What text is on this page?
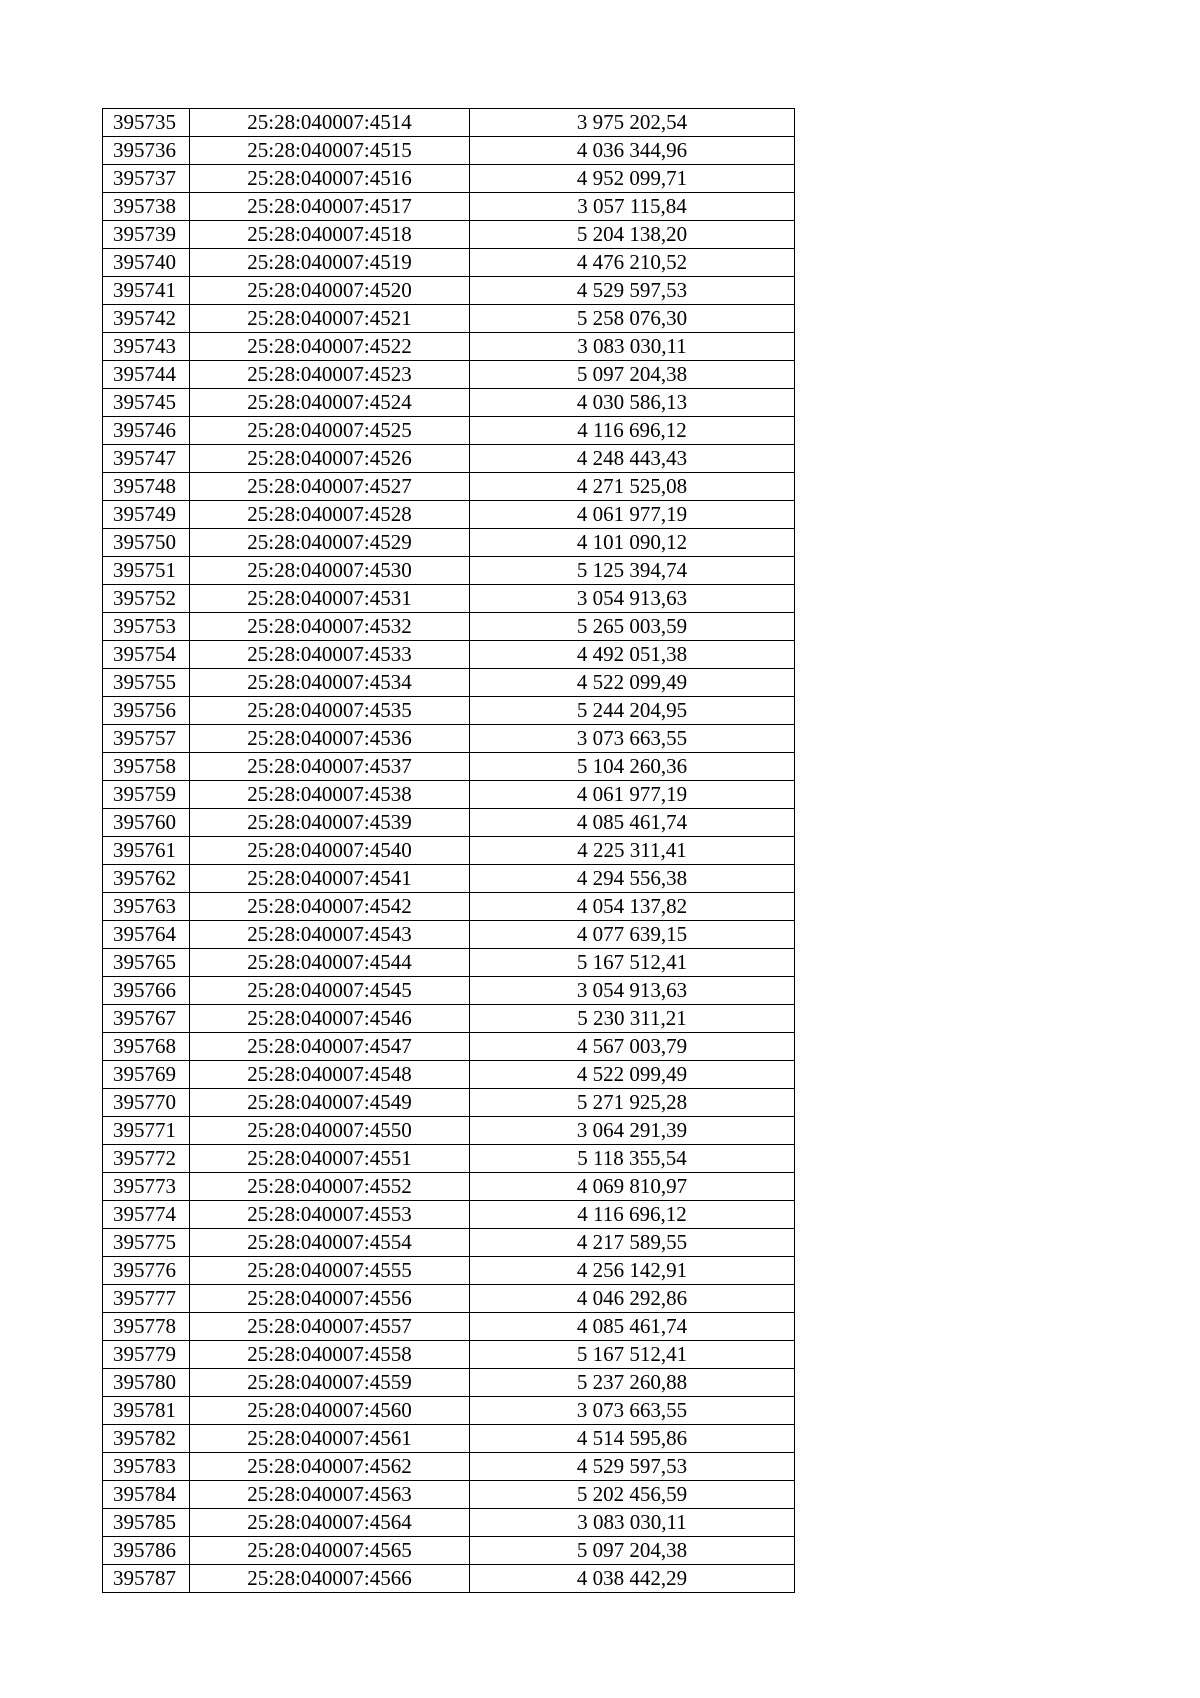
395735	25:28:040007:4514	3 975 202,54
395736	25:28:040007:4515	4 036 344,96
395737	25:28:040007:4516	4 952 099,71
395738	25:28:040007:4517	3 057 115,84
395739	25:28:040007:4518	5 204 138,20
395740	25:28:040007:4519	4 476 210,52
395741	25:28:040007:4520	4 529 597,53
395742	25:28:040007:4521	5 258 076,30
395743	25:28:040007:4522	3 083 030,11
395744	25:28:040007:4523	5 097 204,38
395745	25:28:040007:4524	4 030 586,13
395746	25:28:040007:4525	4 116 696,12
395747	25:28:040007:4526	4 248 443,43
395748	25:28:040007:4527	4 271 525,08
395749	25:28:040007:4528	4 061 977,19
395750	25:28:040007:4529	4 101 090,12
395751	25:28:040007:4530	5 125 394,74
395752	25:28:040007:4531	3 054 913,63
395753	25:28:040007:4532	5 265 003,59
395754	25:28:040007:4533	4 492 051,38
395755	25:28:040007:4534	4 522 099,49
395756	25:28:040007:4535	5 244 204,95
395757	25:28:040007:4536	3 073 663,55
395758	25:28:040007:4537	5 104 260,36
395759	25:28:040007:4538	4 061 977,19
395760	25:28:040007:4539	4 085 461,74
395761	25:28:040007:4540	4 225 311,41
395762	25:28:040007:4541	4 294 556,38
395763	25:28:040007:4542	4 054 137,82
395764	25:28:040007:4543	4 077 639,15
395765	25:28:040007:4544	5 167 512,41
395766	25:28:040007:4545	3 054 913,63
395767	25:28:040007:4546	5 230 311,21
395768	25:28:040007:4547	4 567 003,79
395769	25:28:040007:4548	4 522 099,49
395770	25:28:040007:4549	5 271 925,28
395771	25:28:040007:4550	3 064 291,39
395772	25:28:040007:4551	5 118 355,54
395773	25:28:040007:4552	4 069 810,97
395774	25:28:040007:4553	4 116 696,12
395775	25:28:040007:4554	4 217 589,55
395776	25:28:040007:4555	4 256 142,91
395777	25:28:040007:4556	4 046 292,86
395778	25:28:040007:4557	4 085 461,74
395779	25:28:040007:4558	5 167 512,41
395780	25:28:040007:4559	5 237 260,88
395781	25:28:040007:4560	3 073 663,55
395782	25:28:040007:4561	4 514 595,86
395783	25:28:040007:4562	4 529 597,53
395784	25:28:040007:4563	5 202 456,59
395785	25:28:040007:4564	3 083 030,11
395786	25:28:040007:4565	5 097 204,38
395787	25:28:040007:4566	4 038 442,29
